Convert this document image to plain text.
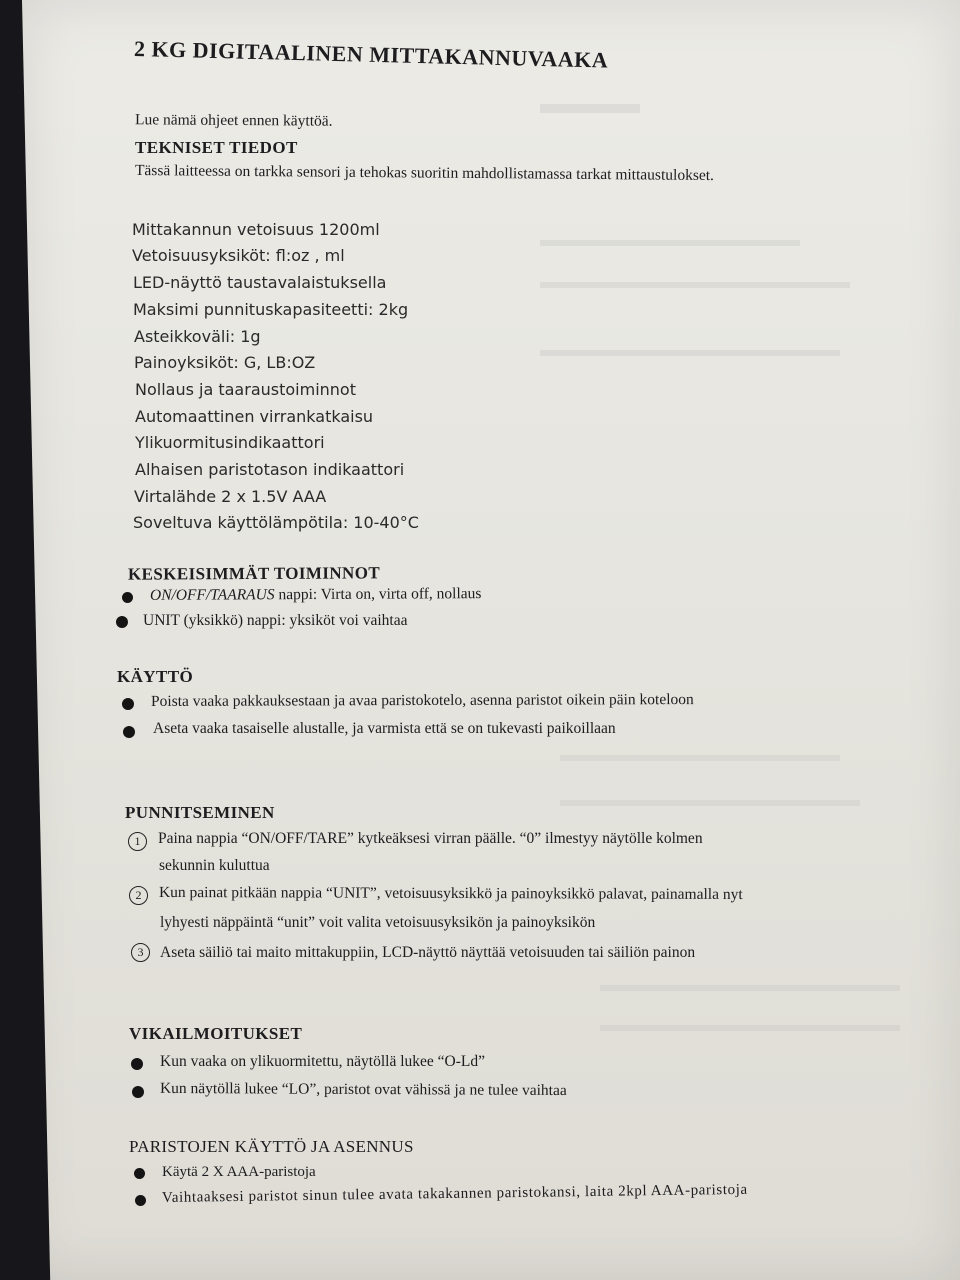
2 KG DIGITAALINEN MITTAKANNUVAAKA

Lue nämä ohjeet ennen käyttöä.

TEKNISET TIEDOT

Tässä laitteessa on tarkka sensori ja tehokas suoritin mahdollistamassa tarkat mittaustulokset.

Mittakannun vetoisuus 1200ml

Vetoisuusyksiköt: fl:oz , ml

LED-näyttö taustavalaistuksella

Maksimi punnituskapasiteetti: 2kg

Asteikkoväli: 1g

Painoyksiköt: G, LB:OZ

Nollaus ja taaraustoiminnot

Automaattinen virrankatkaisu

Ylikuormitusindikaattori

Alhaisen paristotason indikaattori

Virtalähde 2 x 1.5V AAA

Soveltuva käyttölämpötila: 10-40°C

KESKEISIMMÄT TOIMINNOT

ON/OFF/TAARAUS nappi: Virta on, virta off, nollaus

UNIT (yksikkö) nappi: yksiköt voi vaihtaa

KÄYTTÖ

Poista vaaka pakkauksestaan ja avaa paristokotelo, asenna paristot oikein päin koteloon

Aseta vaaka tasaiselle alustalle, ja varmista että se on tukevasti paikoillaan

PUNNITSEMINEN
1	Paina nappia “ON/OFF/TARE” kytkeäksesi virran päälle. “0” ilmestyy näytölle kolmen

sekunnin kuluttua

2	Kun painat pitkään nappia “UNIT”, vetoisuusyksikkö ja painoyksikkö palavat, painamalla nyt

lyhyesti näppäintä “unit” voit valita vetoisuusyksikön ja painoyksikön

3	Aseta säiliö tai maito mittakuppiin, LCD-näyttö näyttää vetoisuuden tai säiliön painon

VIKAILMOITUKSET

Kun vaaka on ylikuormitettu, näytöllä lukee “O-Ld”

Kun näytöllä lukee “LO”, paristot ovat vähissä ja ne tulee vaihtaa

PARISTOJEN KÄYTTÖ JA ASENNUS

Käytä 2 X AAA-paristoja

Vaihtaaksesi paristot sinun tulee avata takakannen paristokansi, laita 2kpl AAA-paristoja
